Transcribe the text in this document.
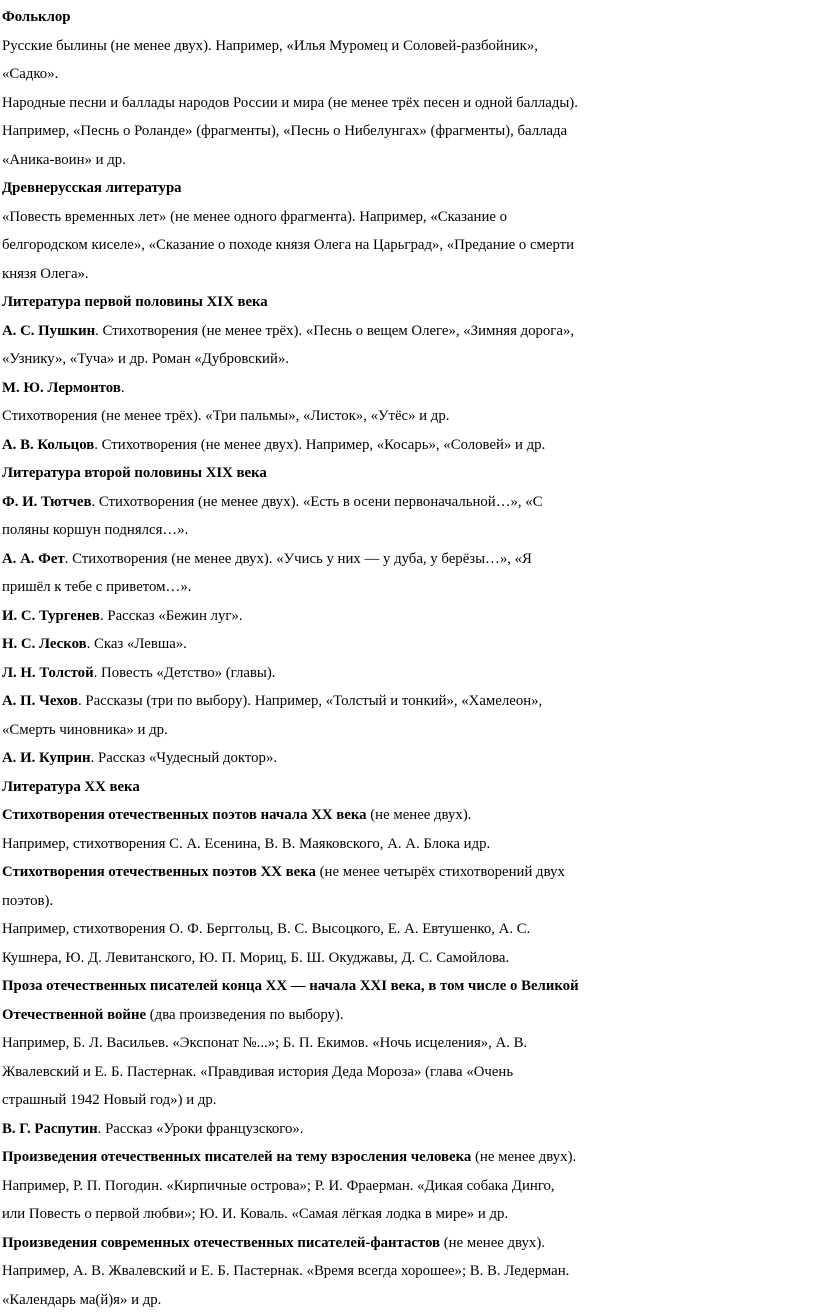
Фольклор
Русские былины (не менее двух). Например, «Илья Муромец и Соловей-разбойник»,
«Садко».
Народные песни и баллады народов России и мира (не менее трёх песен и одной баллады).
Например, «Песнь о Роланде» (фрагменты), «Песнь о Нибелунгах» (фрагменты), баллада
«Аника-воин» и др.
Древнерусская литература
«Повесть временных лет» (не менее одного фрагмента). Например, «Сказание о
белгородском киселе», «Сказание о походе князя Олега на Царьград», «Предание о смерти
князя Олега».
Литература первой половины XIX века
А. С. Пушкин. Стихотворения (не менее трёх). «Песнь о вещем Олеге», «Зимняя дорога»,
«Узнику», «Туча» и др. Роман «Дубровский».
М. Ю. Лермонтов.
Стихотворения (не менее трёх). «Три пальмы», «Листок», «Утёс» и др.
А. В. Кольцов. Стихотворения (не менее двух). Например, «Косарь», «Соловей» и др.
Литература второй половины XIX века
Ф. И. Тютчев. Стихотворения (не менее двух). «Есть в осени первоначальной…», «С
поляны коршун поднялся…».
А. А. Фет. Стихотворения (не менее двух). «Учись у них — у дуба, у берёзы…», «Я
пришёл к тебе с приветом…».
И. С. Тургенев. Рассказ «Бежин луг».
Н. С. Лесков. Сказ «Левша».
Л. Н. Толстой. Повесть «Детство» (главы).
А. П. Чехов. Рассказы (три по выбору). Например, «Толстый и тонкий», «Хамелеон»,
«Смерть чиновника» и др.
А. И. Куприн. Рассказ «Чудесный доктор».
Литература XX века
Стихотворения отечественных поэтов начала XX века (не менее двух).
Например, стихотворения С. А. Есенина, В. В. Маяковского, А. А. Блока идр.
Стихотворения отечественных поэтов XX века (не менее четырёх стихотворений двух
поэтов).
Например, стихотворения О. Ф. Берггольц, В. С. Высоцкого, Е. А. Евтушенко, А. С.
Кушнера, Ю. Д. Левитанского, Ю. П. Мориц, Б. Ш. Окуджавы, Д. С. Самойлова.
Проза отечественных писателей конца XX — начала XXI века, в том числе о Великой
Отечественной войне (два произведения по выбору).
Например, Б. Л. Васильев. «Экспонат №...»; Б. П. Екимов. «Ночь исцеления», А. В.
Жвалевский и Е. Б. Пастернак. «Правдивая история Деда Мороза» (глава «Очень
страшный 1942 Новый год») и др.
В. Г. Распутин. Рассказ «Уроки французского».
Произведения отечественных писателей на тему взросления человека (не менее двух).
Например, Р. П. Погодин. «Кирпичные острова»; Р. И. Фраерман. «Дикая собака Динго,
или Повесть о первой любви»; Ю. И. Коваль. «Самая лёгкая лодка в мире» и др.
Произведения современных отечественных писателей-фантастов (не менее двух).
Например, А. В. Жвалевский и Е. Б. Пастернак. «Время всегда хорошее»; В. В. Ледерман.
«Календарь ма(й)я» и др.
